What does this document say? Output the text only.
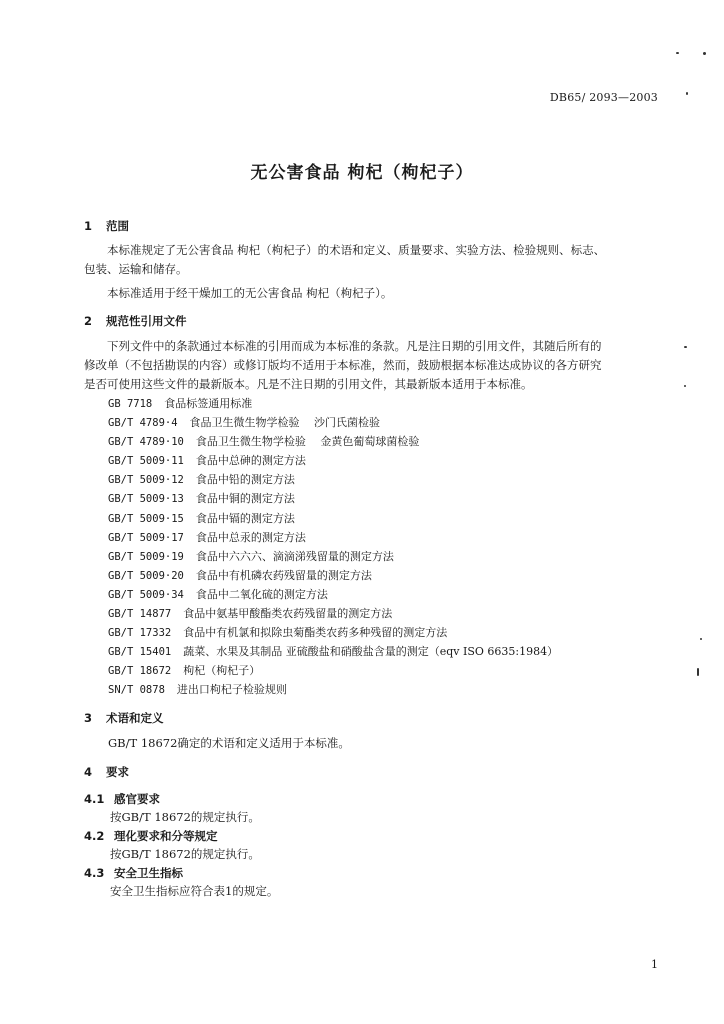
DB65/ 2093—2003
无公害食品 枸杞（枸杞子）
1 范围
本标准规定了无公害食品 枸杞（枸杞子）的术语和定义、质量要求、实验方法、检验规则、标志、
包装、运输和储存。
本标准适用于经干燥加工的无公害食品 枸杞（枸杞子）。
2 规范性引用文件
下列文件中的条款通过本标准的引用而成为本标准的条款。凡是注日期的引用文件，其随后所有的
修改单（不包括勘误的内容）或修订版均不适用于本标准，然而，鼓励根据本标准达成协议的各方研究
是否可使用这些文件的最新版本。凡是不注日期的引用文件，其最新版本适用于本标准。
GB 7718 食品标签通用标准
GB/T 4789·4 食品卫生微生物学检验　 沙门氏菌检验
GB/T 4789·10 食品卫生微生物学检验　 金黄色葡萄球菌检验
GB/T 5009·11 食品中总砷的测定方法
GB/T 5009·12 食品中铅的测定方法
GB/T 5009·13 食品中铜的测定方法
GB/T 5009·15 食品中镉的测定方法
GB/T 5009·17 食品中总汞的测定方法
GB/T 5009·19 食品中六六六、滴滴涕残留量的测定方法
GB/T 5009·20 食品中有机磷农药残留量的测定方法
GB/T 5009·34 食品中二氧化硫的测定方法
GB/T 14877 食品中氨基甲酸酯类农药残留量的测定方法
GB/T 17332 食品中有机氯和拟除虫菊酯类农药多种残留的测定方法
GB/T 15401 蔬菜、水果及其制品 亚硫酸盐和硝酸盐含量的测定（eqv ISO 6635:1984）
GB/T 18672 枸杞（枸杞子）
SN/T 0878 进出口枸杞子检验规则
3 术语和定义
GB/T 18672确定的术语和定义适用于本标准。
4 要求
4.1 感官要求
按GB/T 18672的规定执行。
4.2 理化要求和分等规定
按GB/T 18672的规定执行。
4.3 安全卫生指标
安全卫生指标应符合表1的规定。
1
